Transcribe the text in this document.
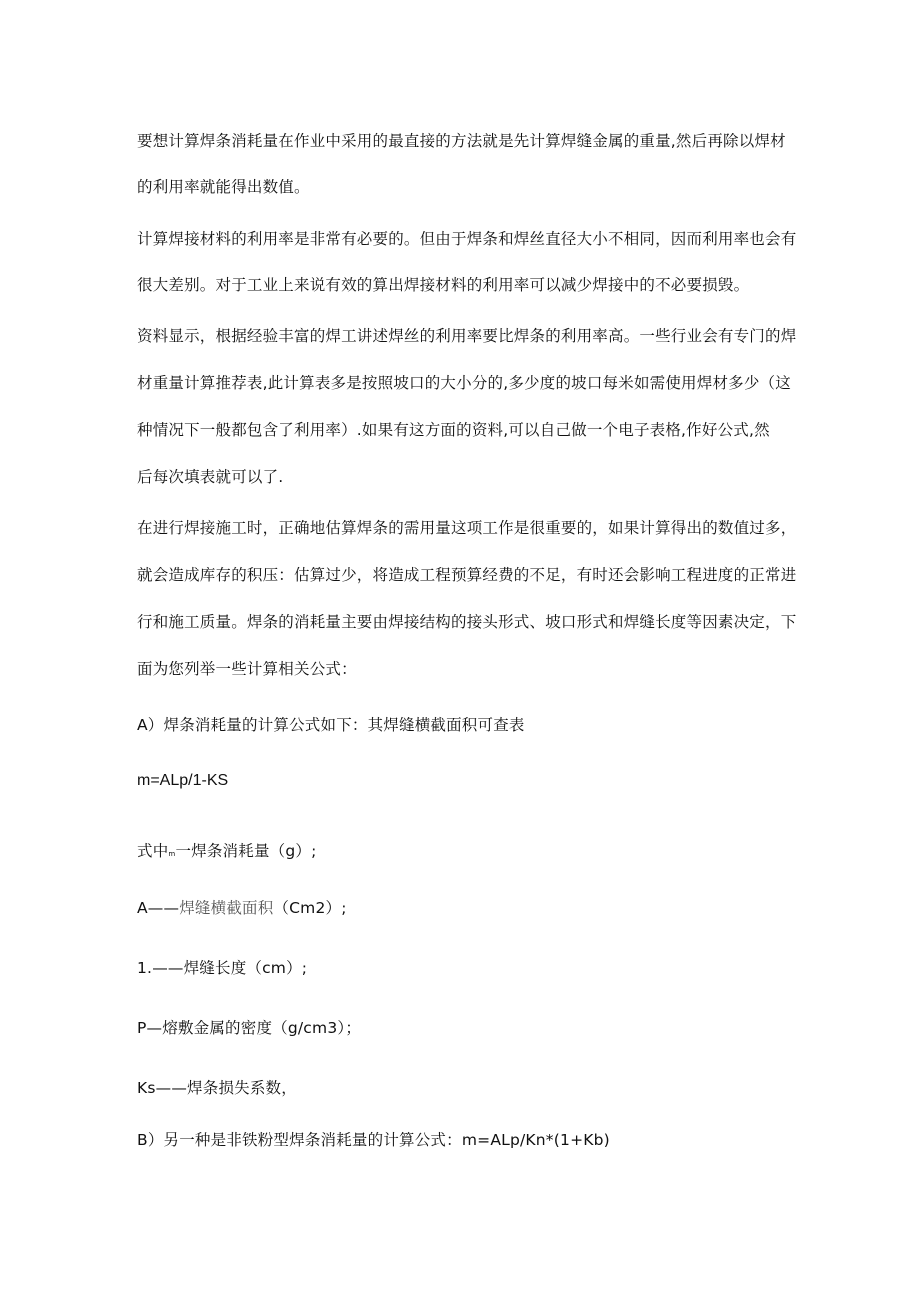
要想计算焊条消耗量在作业中采用的最直接的方法就是先计算焊缝金属的重量,然后再除以焊材
的利用率就能得出数值。
计算焊接材料的利用率是非常有必要的。但由于焊条和焊丝直径大小不相同，因而利用率也会有
很大差别。对于工业上来说有效的算出焊接材料的利用率可以减少焊接中的不必要损毁。
资料显示，根据经验丰富的焊工讲述焊丝的利用率要比焊条的利用率高。一些行业会有专门的焊
材重量计算推荐表,此计算表多是按照坡口的大小分的,多少度的坡口每米如需使用焊材多少（这
种情况下一般都包含了利用率）.如果有这方面的资料,可以自己做一个电子表格,作好公式,然
后每次填表就可以了.
在进行焊接施工时，正确地估算焊条的需用量这项工作是很重要的，如果计算得出的数值过多，
就会造成库存的积压：估算过少，将造成工程预算经费的不足，有时还会影响工程进度的正常进
行和施工质量。焊条的消耗量主要由焊接结构的接头形式、坡口形式和焊缝长度等因素决定，下
面为您列举一些计算相关公式：
A）焊条消耗量的计算公式如下：其焊缝横截面积可查表
m=ALp/1-KS
式中m一焊条消耗量（g）;
A——焊缝横截面积（Cm2）;
1.——焊缝长度（cm）;
P—熔敷金属的密度（g/cm3）；
Ks——焊条损失系数，
B）另一种是非铁粉型焊条消耗量的计算公式：m=ALp/Kn*(1+Kb)
